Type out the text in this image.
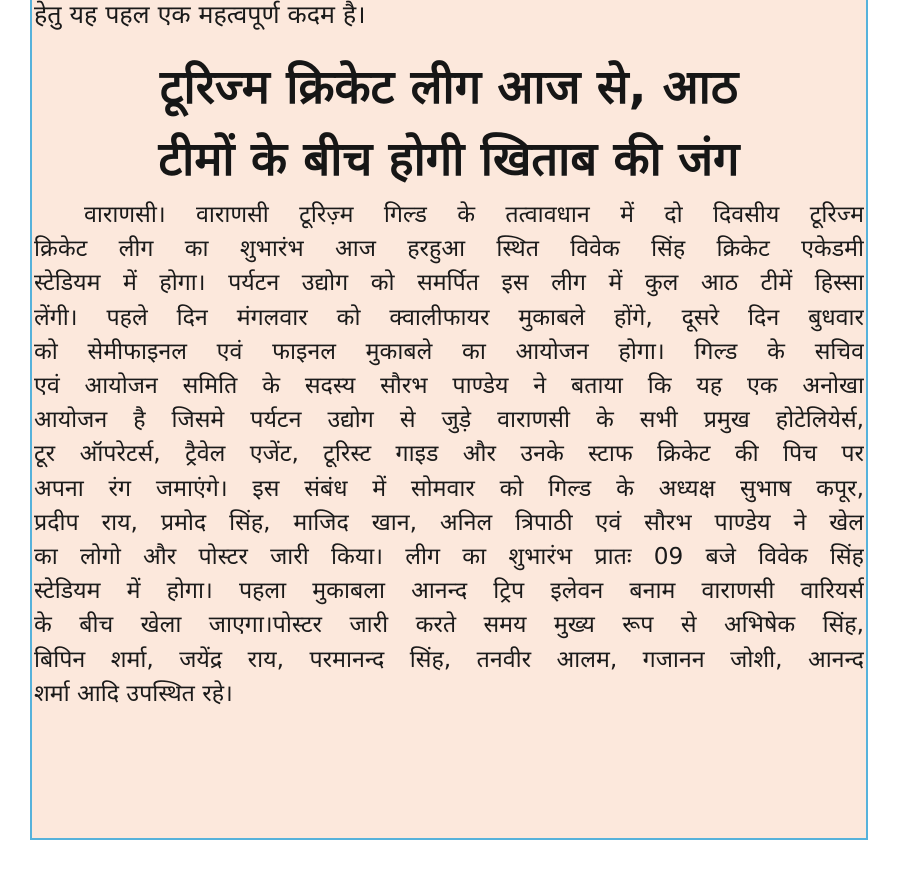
हेतु यह पहल एक महत्वपूर्ण कदम है।
टूरिज्म क्रिकेट लीग आज से, आठ
टीमों के बीच होगी खिताब की जंग
वाराणसी। वाराणसी टूरिज़्म गिल्ड के तत्वावधान में दो दिवसीय टूरिज्म
क्रिकेट लीग का शुभारंभ आज हरहुआ स्थित विवेक सिंह क्रिकेट एकेडमी
स्टेडियम में होगा। पर्यटन उद्योग को समर्पित इस लीग में कुल आठ टीमें हिस्सा
लेंगी। पहले दिन मंगलवार को क्वालीफायर मुकाबले होंगे, दूसरे दिन बुधवार
को सेमीफाइनल एवं फाइनल मुकाबले का आयोजन होगा। गिल्ड के सचिव
एवं आयोजन समिति के सदस्य सौरभ पाण्डेय ने बताया कि यह एक अनोखा
आयोजन है जिसमे पर्यटन उद्योग से जुड़े वाराणसी के सभी प्रमुख होटेलियेर्स,
टूर ऑपरेटर्स, ट्रैवेल एजेंट, टूरिस्ट गाइड और उनके स्टाफ क्रिकेट की पिच पर
अपना रंग जमाएंगे। इस संबंध में सोमवार को गिल्ड के अध्यक्ष सुभाष कपूर,
प्रदीप राय, प्रमोद सिंह, माजिद खान, अनिल त्रिपाठी एवं सौरभ पाण्डेय ने खेल
का लोगो और पोस्टर जारी किया। लीग का शुभारंभ प्रातः 09 बजे विवेक सिंह
स्टेडियम में होगा। पहला मुकाबला आनन्द ट्रिप इलेवन बनाम वाराणसी वारियर्स
के बीच खेला जाएगा।पोस्टर जारी करते समय मुख्य रूप से अभिषेक सिंह,
बिपिन शर्मा, जयेंद्र राय, परमानन्द सिंह, तनवीर आलम, गजानन जोशी, आनन्द
शर्मा आदि उपस्थित रहे।
